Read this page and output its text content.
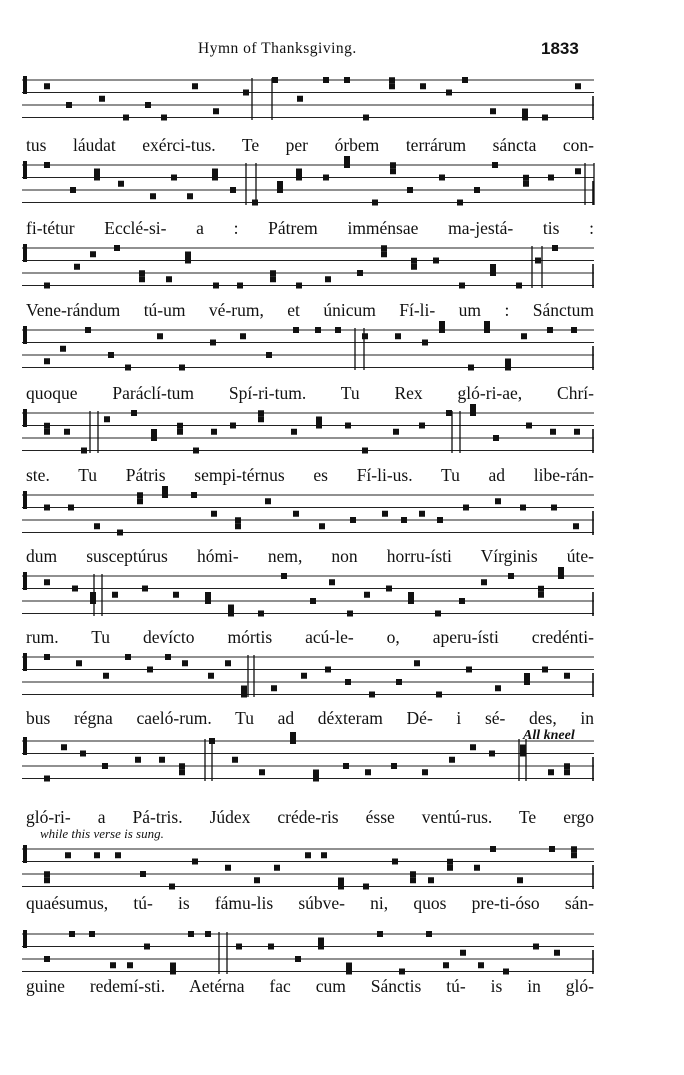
Hymn of Thanksgiving.	1833
tus láudat exérci-tus. Te per órbem terrárum sáncta con-
fi-tétur Ecclé-si- a : Pátrem imménsae ma-jestá- tis :
Vene-rándum tú-um vé-rum, et únicum Fí-li- um : Sánctum
quoque Paráclí-tum Spí-ri-tum. Tu Rex gló-ri-ae, Chrí-
ste. Tu Pátris sempi-térnus es Fí-li-us. Tu ad libe-rán-
dum susceptúrus hómi- nem, non horru-ísti Vírginis úte-
rum. Tu devícto mórtis acú-le- o, aperu-ísti credénti-
bus régna caeló-rum. Tu ad déxteram Dé- i sé- des, in
gló-ri- a Pá-tris. Júdex créde-ris ésse ventú-rus. Te ergo
quaésumus, tú- is fámu-lis súbve- ni, quos pre-ti-óso sán-
guine redemí-sti. Aetérna fac cum Sánctis tú- is in gló-
All kneel
while this verse is sung.
